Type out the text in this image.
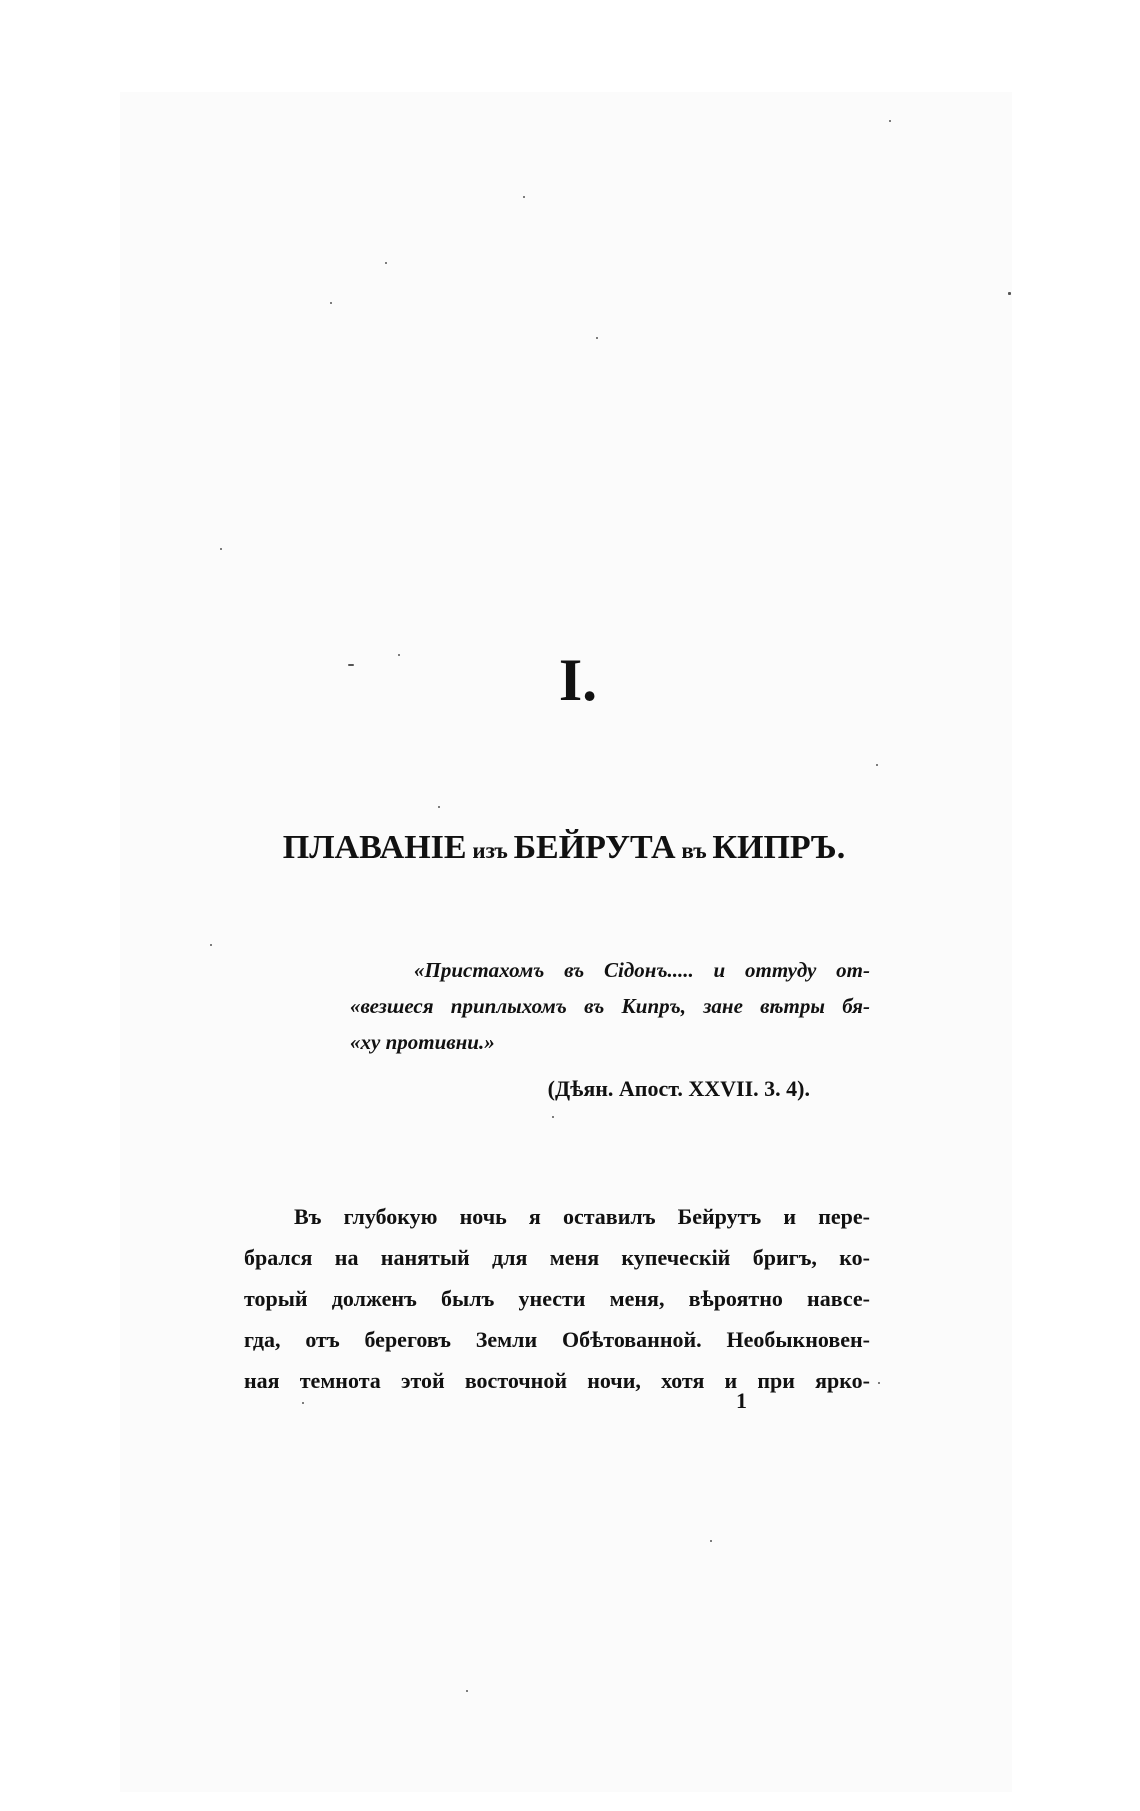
I.
ПЛАВАНІЕ изъ БЕЙРУТА въ КИПРЪ.
«Пристахомъ въ Сідонъ..... и оттуду от-
«везшеся приплыхомъ въ Кипръ, зане вѣтры бя-
«ху противни.»
(Дѣян. Апост. XXVII. 3. 4).
Въ глубокую ночь я оставилъ Бейрутъ и пере-
брался на нанятый для меня купеческій бригъ, ко-
торый долженъ былъ унести меня, вѣроятно навсе-
гда, отъ береговъ Земли Обѣтованной. Необыкновен-
ная темнота этой восточной ночи, хотя и при ярко-
1
